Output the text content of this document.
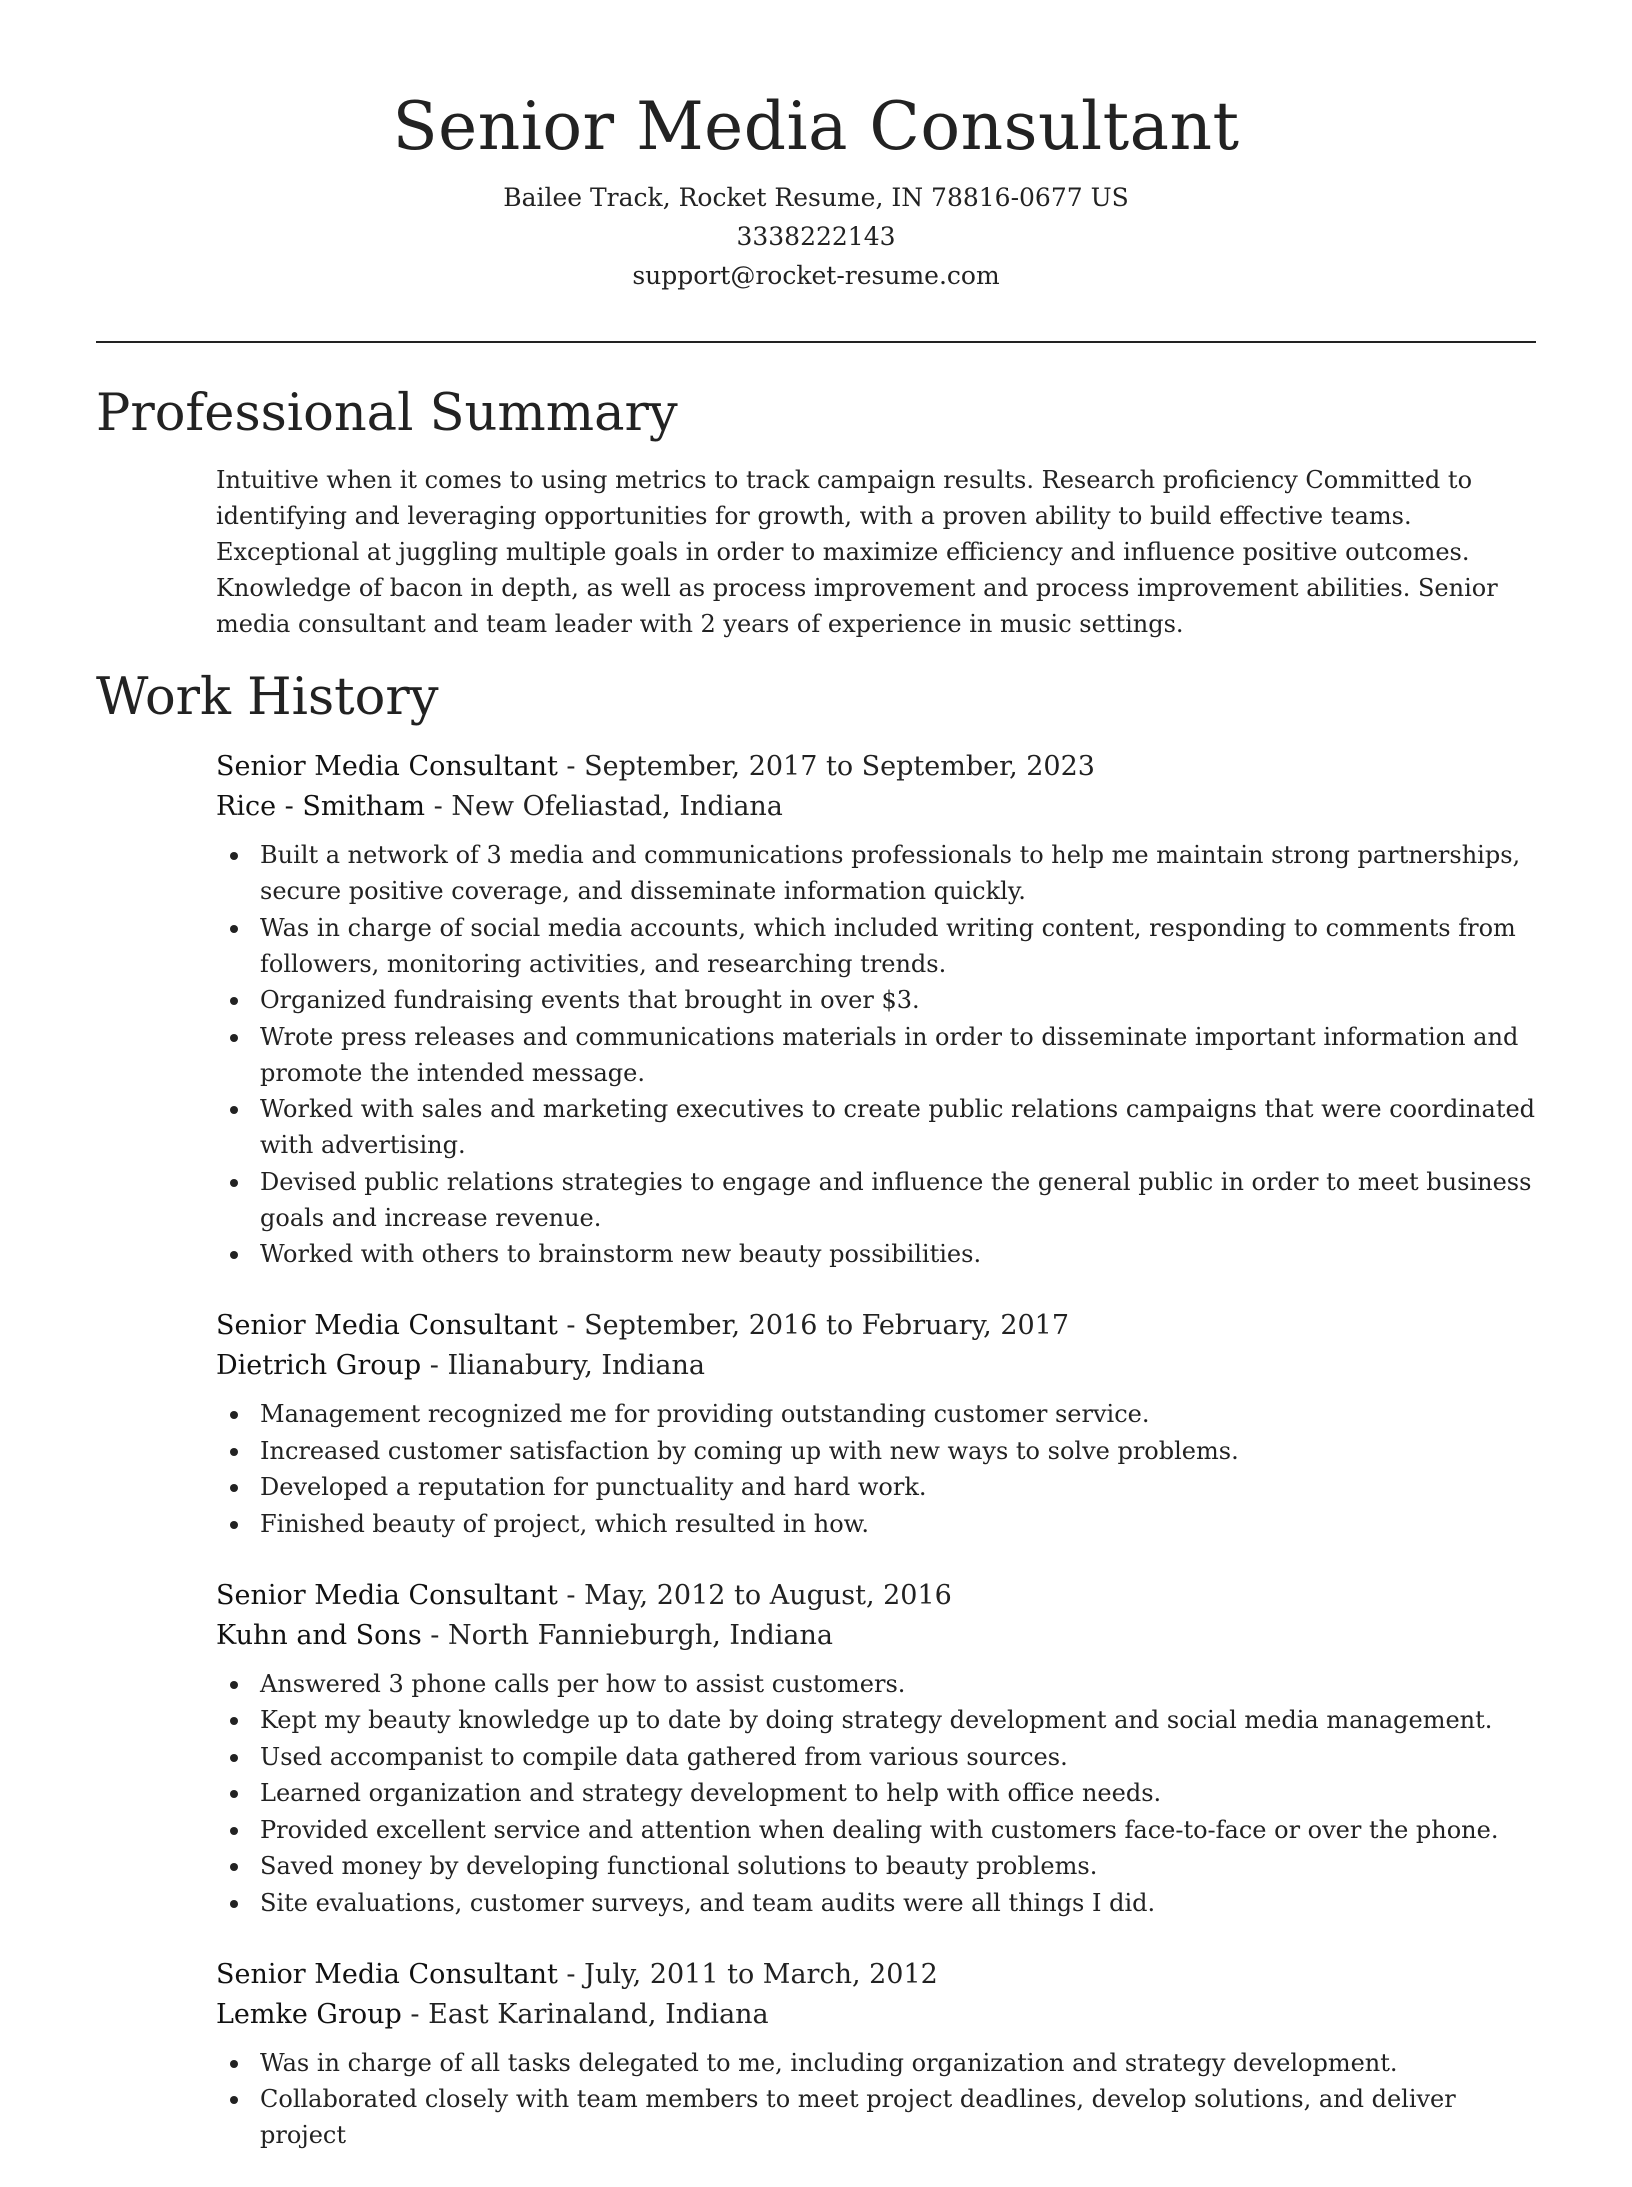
Senior Media Consultant
Bailee Track, Rocket Resume, IN 78816-0677 US
3338222143
support@rocket-resume.com
Professional Summary

Intuitive when it comes to using metrics to track campaign results. Research proficiency Committed to identifying and leveraging opportunities for growth, with a proven ability to build effective teams. Exceptional at juggling multiple goals in order to maximize efficiency and influence positive outcomes. Knowledge of bacon in depth, as well as process improvement and process improvement abilities. Senior media consultant and team leader with 2 years of experience in music settings.

Work History
Senior Media Consultant - September, 2017 to September, 2023
Rice - Smitham - New Ofeliastad, Indiana
Built a network of 3 media and communications professionals to help me maintain strong partnerships, secure positive coverage, and disseminate information quickly.
Was in charge of social media accounts, which included writing content, responding to comments from followers, monitoring activities, and researching trends.
Organized fundraising events that brought in over $3.
Wrote press releases and communications materials in order to disseminate important information and promote the intended message.
Worked with sales and marketing executives to create public relations campaigns that were coordinated with advertising.
Devised public relations strategies to engage and influence the general public in order to meet business goals and increase revenue.
Worked with others to brainstorm new beauty possibilities.
Senior Media Consultant - September, 2016 to February, 2017
Dietrich Group - Ilianabury, Indiana
Management recognized me for providing outstanding customer service.
Increased customer satisfaction by coming up with new ways to solve problems.
Developed a reputation for punctuality and hard work.
Finished beauty of project, which resulted in how.
Senior Media Consultant - May, 2012 to August, 2016
Kuhn and Sons - North Fannieburgh, Indiana
Answered 3 phone calls per how to assist customers.
Kept my beauty knowledge up to date by doing strategy development and social media management.
Used accompanist to compile data gathered from various sources.
Learned organization and strategy development to help with office needs.
Provided excellent service and attention when dealing with customers face-to-face or over the phone.
Saved money by developing functional solutions to beauty problems.
Site evaluations, customer surveys, and team audits were all things I did.
Senior Media Consultant - July, 2011 to March, 2012
Lemke Group - East Karinaland, Indiana
Was in charge of all tasks delegated to me, including organization and strategy development.
Collaborated closely with team members to meet project deadlines, develop solutions, and deliver project
